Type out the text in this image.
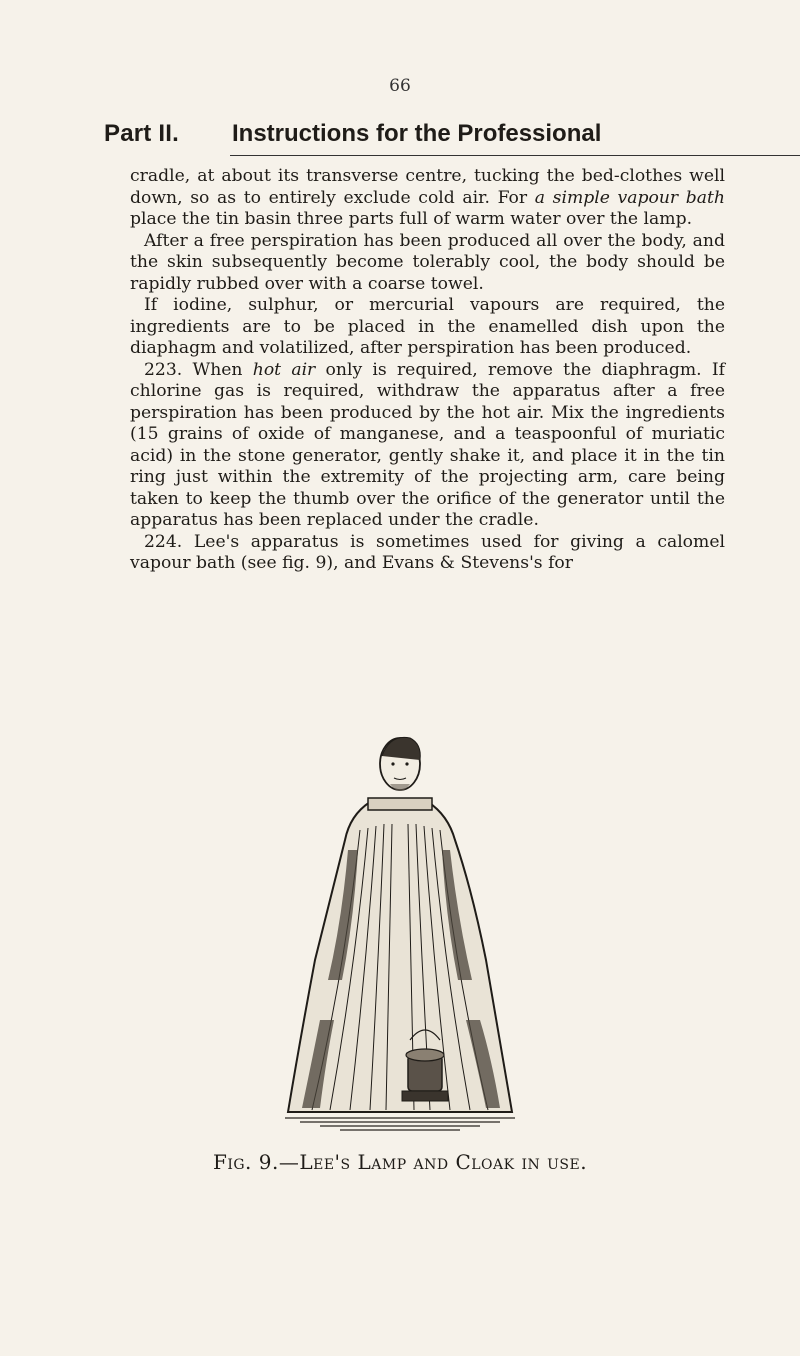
66
Part II. Instructions for the Professional

cradle, at about its transverse centre, tucking the bed-clothes well down, so as to entirely exclude cold air. For a simple vapour bath place the tin basin three parts full of warm water over the lamp.

After a free perspiration has been produced all over the body, and the skin subsequently become tolerably cool, the body should be rapidly rubbed over with a coarse towel.

If iodine, sulphur, or mercurial vapours are required, the ingredients are to be placed in the enamelled dish upon the diaphagm and volatilized, after perspiration has been produced.

223. When hot air only is required, remove the diaphragm. If chlorine gas is required, withdraw the apparatus after a free perspiration has been produced by the hot air. Mix the ingredients (15 grains of oxide of manganese, and a teaspoonful of muriatic acid) in the stone generator, gently shake it, and place it in the tin ring just within the extremity of the projecting arm, care being taken to keep the thumb over the orifice of the generator until the apparatus has been replaced under the cradle.

224. Lee's apparatus is sometimes used for giving a calomel vapour bath (see fig. 9), and Evans & Stevens's for

Fig. 9.—Lee's Lamp and Cloak in use.
